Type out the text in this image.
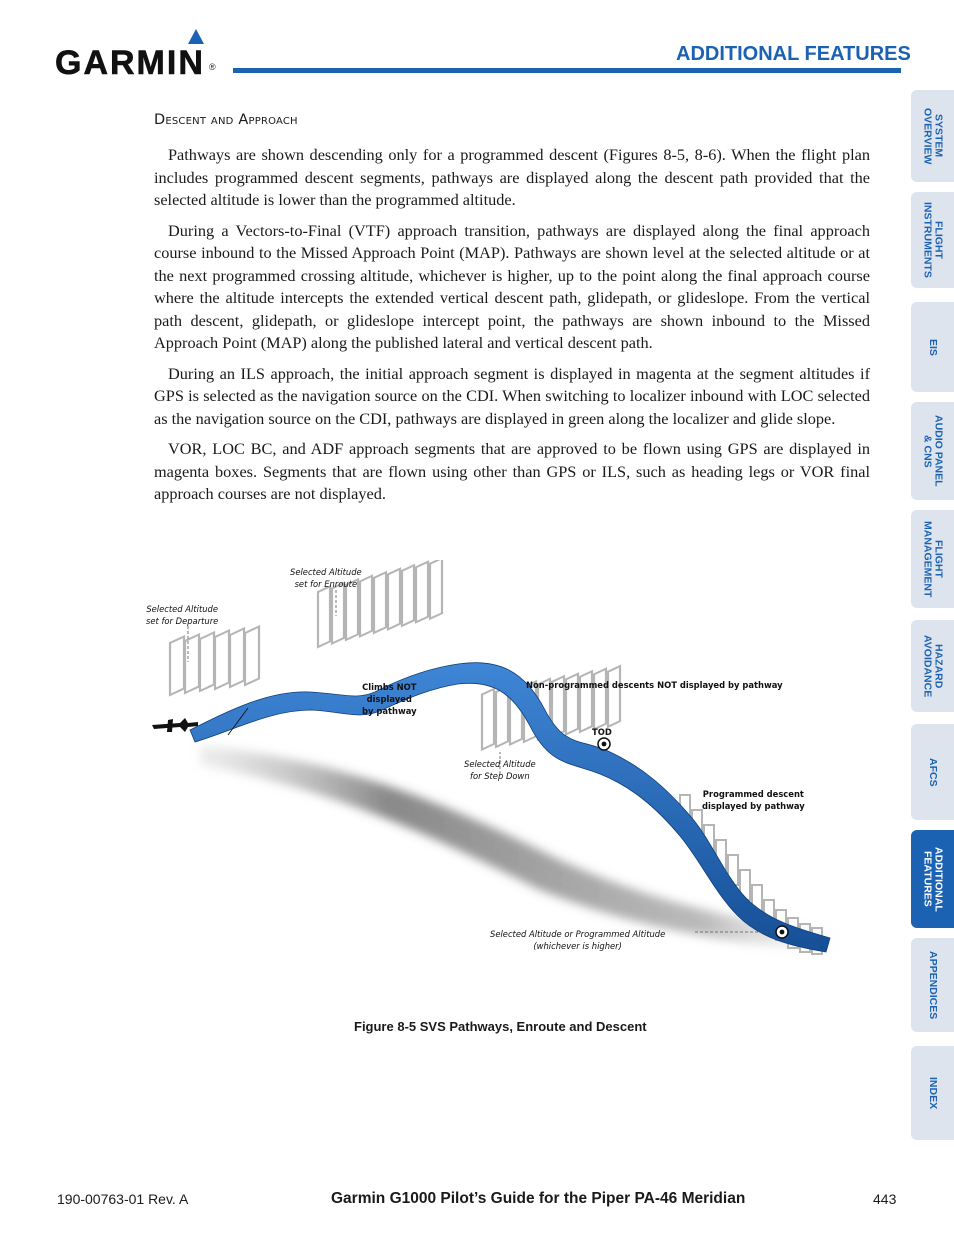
GARMIN ®
ADDITIONAL FEATURES
Descent and Approach

Pathways are shown descending only for a programmed descent (Figures 8-5, 8-6). When the flight plan includes programmed descent segments, pathways are displayed along the descent path provided that the selected altitude is lower than the programmed altitude.

During a Vectors-to-Final (VTF) approach transition, pathways are displayed along the final approach course inbound to the Missed Approach Point (MAP). Pathways are shown level at the selected altitude or at the next programmed crossing altitude, whichever is higher, up to the point along the final approach course where the altitude intercepts the extended vertical descent path, glidepath, or glideslope. From the vertical path descent, glidepath, or glideslope intercept point, the pathways are shown inbound to the Missed Approach Point (MAP) along the published lateral and vertical descent path.

During an ILS approach, the initial approach segment is displayed in magenta at the segment altitudes if GPS is selected as the navigation source on the CDI. When switching to localizer inbound with LOC selected as the navigation source on the CDI, pathways are displayed in green along the localizer and glide slope.

VOR, LOC BC, and ADF approach segments that are approved to be flown using GPS are displayed in magenta boxes. Segments that are flown using other than GPS or ILS, such as heading legs or VOR final approach courses are not displayed.

Selected Altitude
set for Enroute
Selected Altitude
set for Departure
Climbs NOT
displayed
by pathway
Non-programmed descents NOT displayed by pathway
TOD
Selected Altitude
for Step Down
Programmed descent
displayed by pathway
Selected Altitude or Programmed Altitude
(whichever is higher)
Figure 8-5 SVS Pathways, Enroute and Descent
SYSTEM
OVERVIEW
FLIGHT
INSTRUMENTS
EIS
AUDIO PANEL
& CNS
FLIGHT
MANAGEMENT
HAZARD
AVOIDANCE
AFCS
ADDITIONAL
FEATURES
APPENDICES
INDEX
190-00763-01 Rev. A	Garmin G1000 Pilot’s Guide for the Piper PA-46 Meridian	443
